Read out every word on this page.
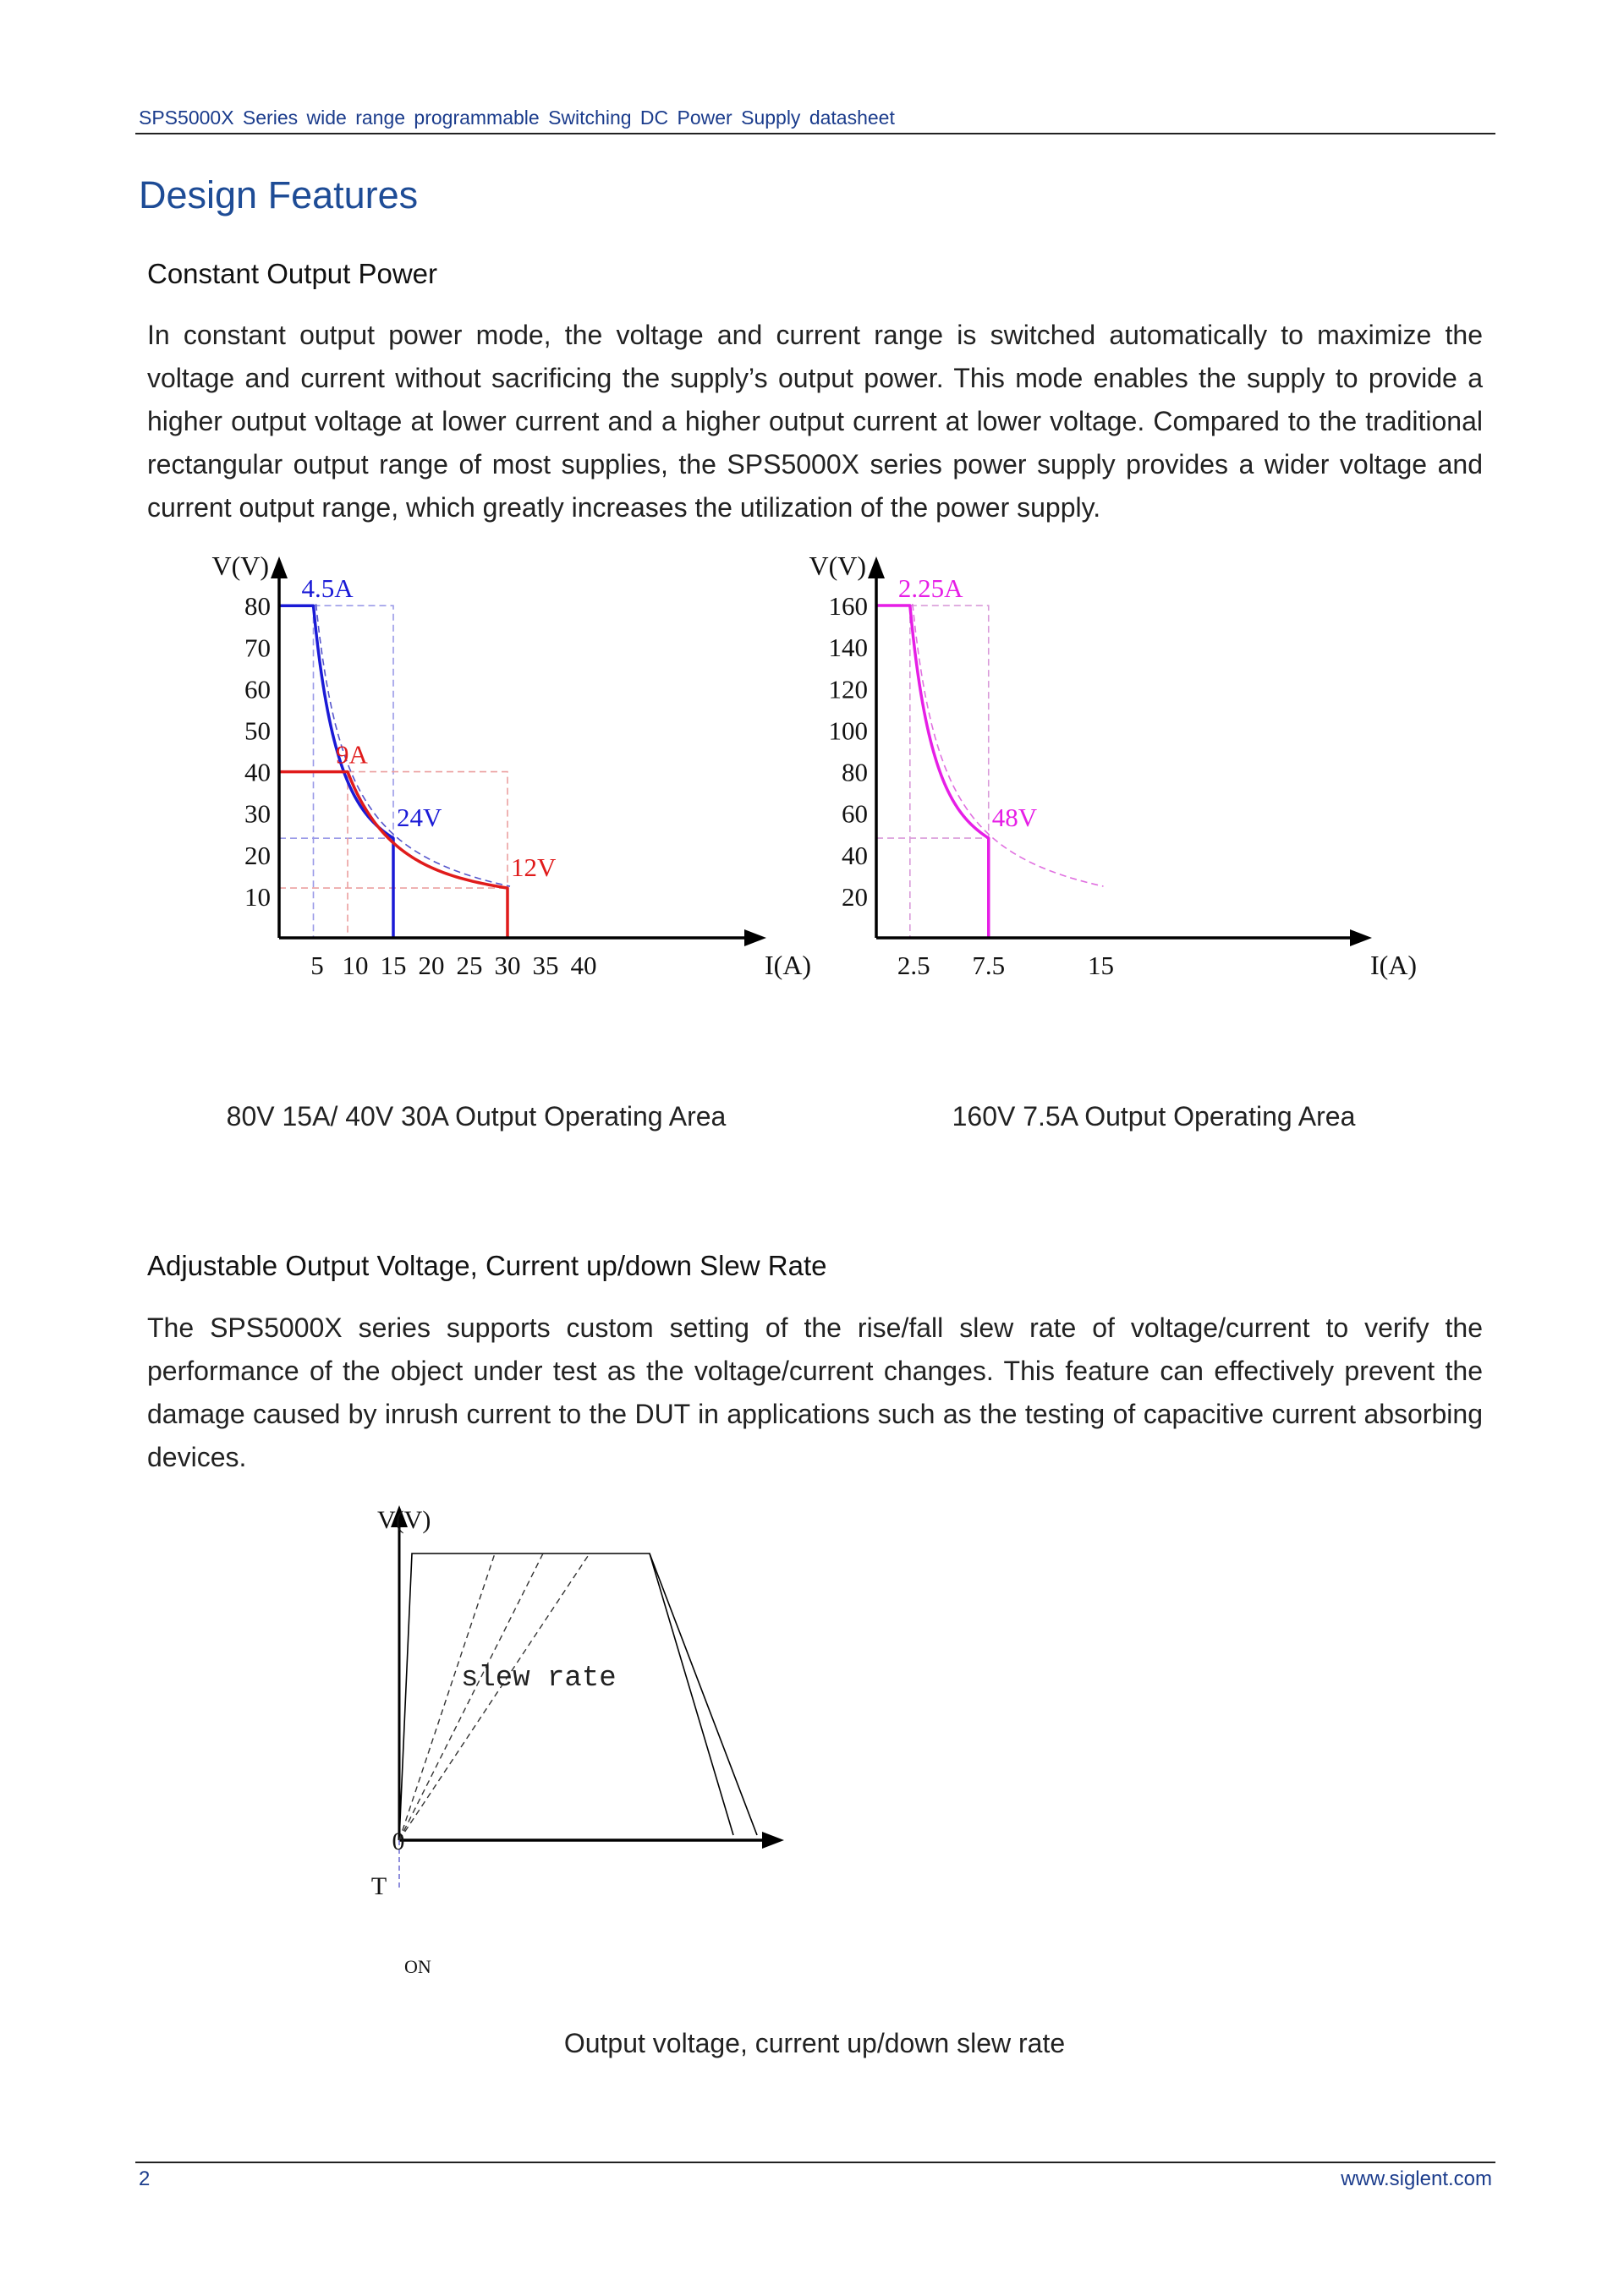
SPS5000X Series wide range programmable Switching DC Power Supply datasheet
Design Features
Constant Output Power
In constant output power mode, the voltage and current range is switched automatically to maximize the voltage and current without sacrificing the supply’s output power. This mode enables the supply to provide a higher output voltage at lower current and a higher output current at lower voltage. Compared to the traditional rectangular output range of most supplies, the SPS5000X series power supply provides a wider voltage and current output range, which greatly increases the utilization of the power supply.
4.5A
24V
9A
12V
10
20
30
40
50
60
70
80
5 10 15 20 25 30 35 40
V(V)
I(A)
2.25A
48V
20
40
60
80
100
120
140
160
2.5 7.5	15
V(V)
I(A)
slew rate
V(V)
0
T
ON
80V 15A/ 40V 30A Output Operating Area	160V 7.5A Output Operating Area
Adjustable Output Voltage, Current up/down Slew Rate
The SPS5000X series supports custom setting of the rise/fall slew rate of voltage/current to verify the performance of the object under test as the voltage/current changes. This feature can effectively prevent the damage caused by inrush current to the DUT in applications such as the testing of capacitive current absorbing devices.
Output voltage, current up/down slew rate
2	www.siglent.com
